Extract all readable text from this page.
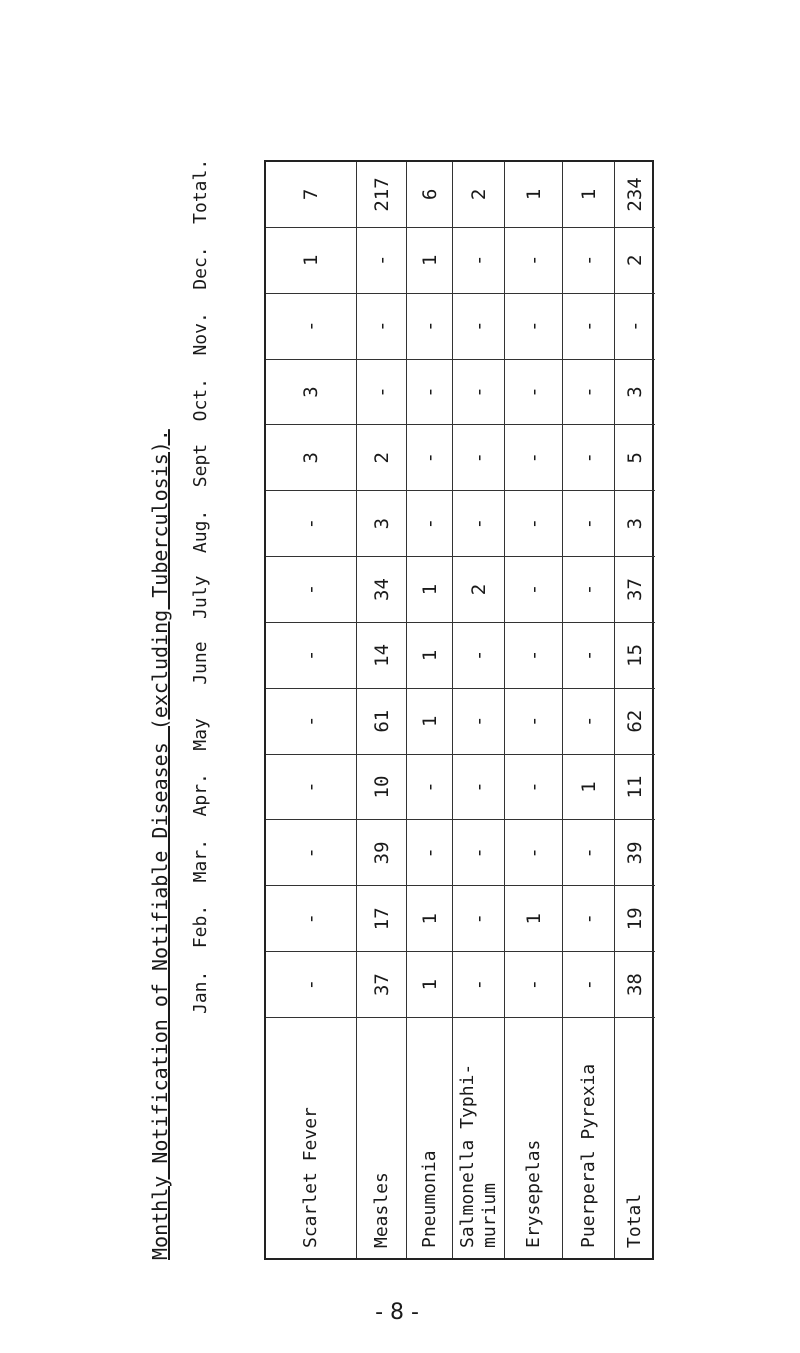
Monthly Notification of Notifiable Diseases (excluding Tuberculosis). Jan.
Feb.
Mar.
Apr.
May
June
July
Aug.
Sept
Oct.
Nov.
Dec.
Total.
Scarlet Fever
-
-
-
-
-
-
-
-
3
3
-
1
7
Measles
37
17
39
10
61
14
34
3
2
-
-
-
217
Pneumonia
1
1
-
-
1
1
1
-
-
-
-
1
6
Salmonella Typhi- murium
-
-
-
-
-
-
2
-
-
-
-
-
2
Erysepelas
-
1
-
-
-
-
-
-
-
-
-
-
1
Puerperal Pyrexia
-
-
-
1
-
-
-
-
-
-
-
-
1
Total
38
19
39
11
62
15
37
3
5
3
-
2
234
- 8 -
